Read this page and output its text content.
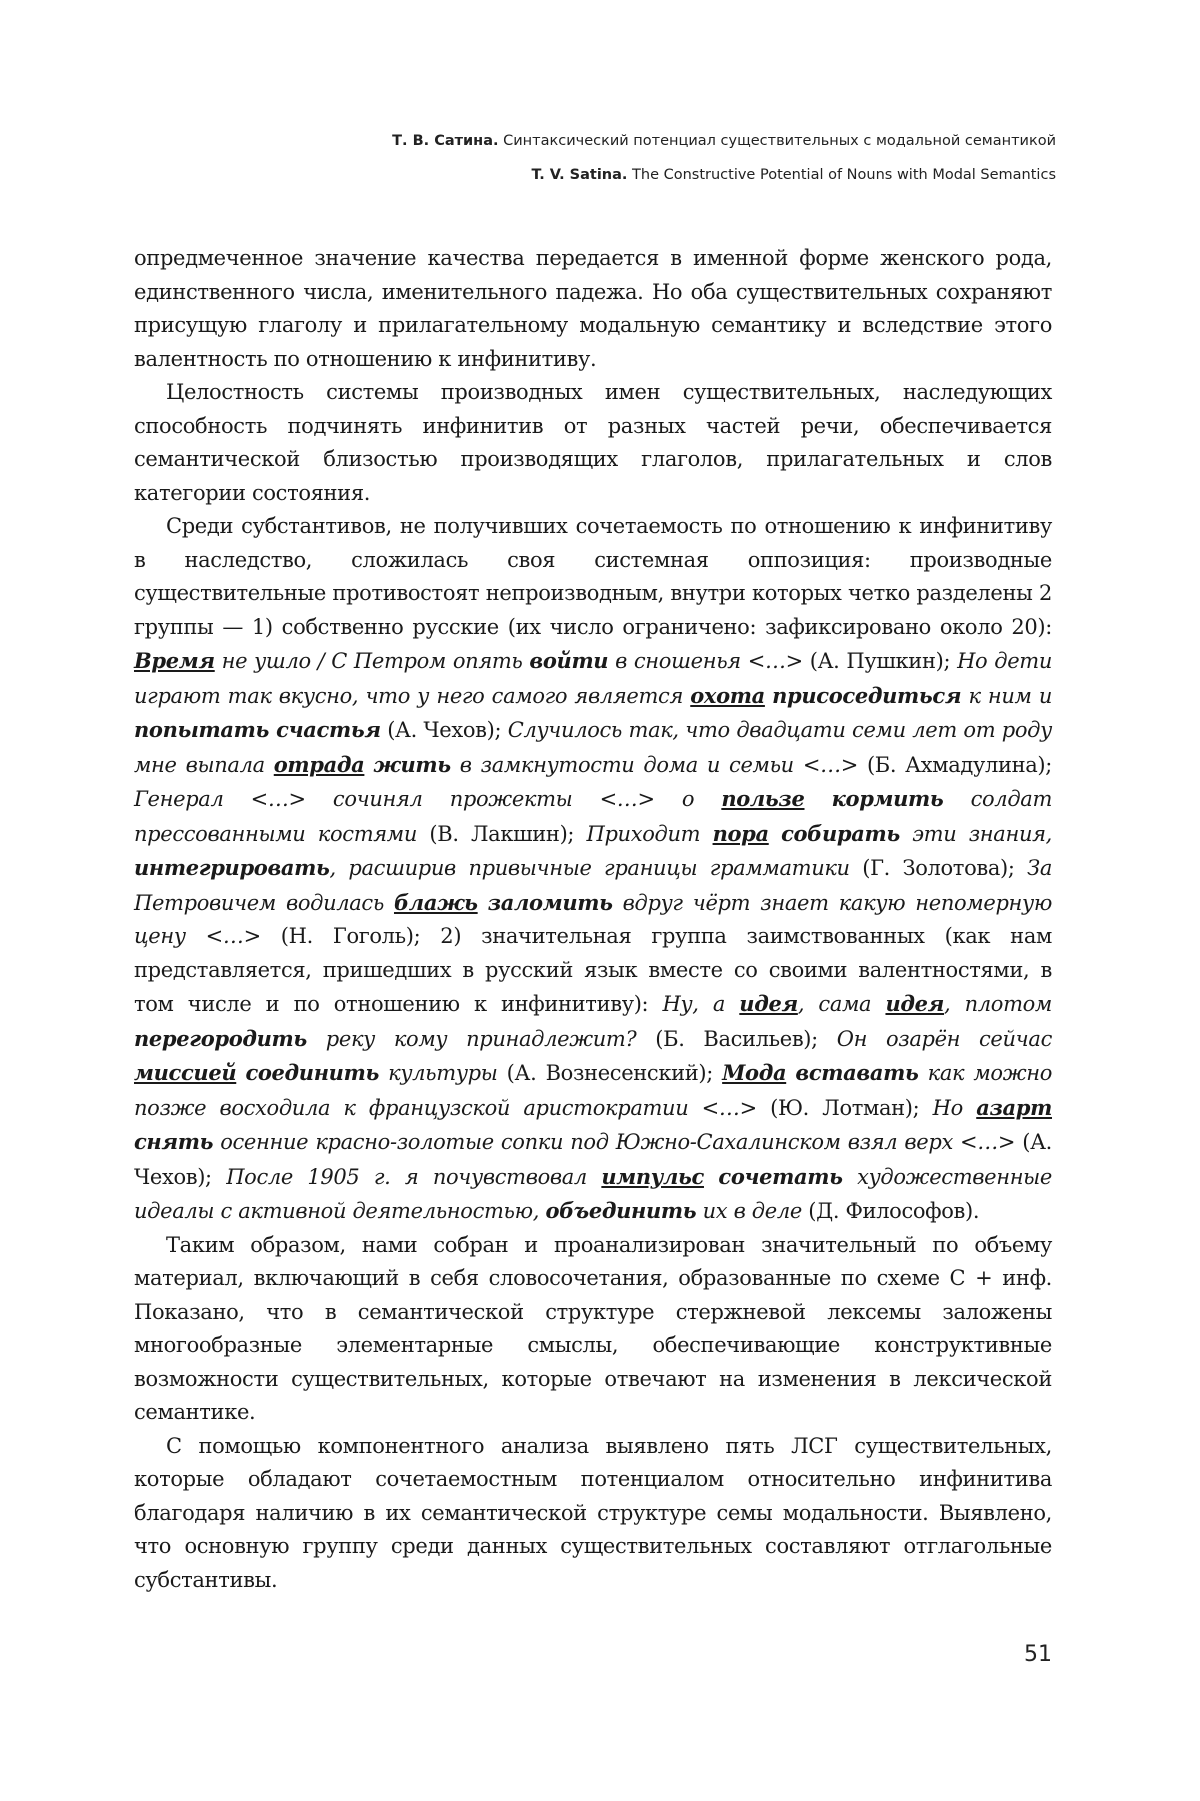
Т. В. Сатина. Синтаксический потенциал существительных с модальной семантикой
T. V. Satina. The Constructive Potential of Nouns with Modal Semantics

опредмеченное значение качества передается в именной форме женского рода, единственного числа, именительного падежа. Но оба существительных сохраняют присущую глаголу и прилагательному модальную семантику и вследствие этого валентность по отношению к инфинитиву.

Целостность системы производных имен существительных, наследующих способность подчинять инфинитив от разных частей речи, обеспечивается семантической близостью производящих глаголов, прилагательных и слов категории состояния.

Среди субстантивов, не получивших сочетаемость по отношению к инфинитиву в наследство, сложилась своя системная оппозиция: производные существительные противостоят непроизводным, внутри которых четко разделены 2 группы — 1) собственно русские (их число ограничено: зафиксировано около 20): Время не ушло / С Петром опять войти в сношенья <…> (А. Пушкин); Но дети играют так вкусно, что у него самого является охота присоседиться к ним и попытать счастья (А. Чехов); Случилось так, что двадцати семи лет от роду мне выпала отрада жить в замкнутости дома и семьи <…> (Б. Ахмадулина); Генерал <…> сочинял прожекты <…> о пользе кормить солдат прессованными костями (В. Лакшин); Приходит пора собирать эти знания, интегрировать, расширив привычные границы грамматики (Г. Золотова); За Петровичем водилась блажь заломить вдруг чёрт знает какую непомерную цену <…> (Н. Гоголь); 2) значительная группа заимствованных (как нам представляется, пришедших в русский язык вместе со своими валентностями, в том числе и по отношению к инфинитиву): Ну, а идея, сама идея, плотом перегородить реку кому принадлежит? (Б. Васильев); Он озарён сейчас миссией соединить культуры (А. Вознесенский); Мода вставать как можно позже восходила к французской аристократии <…> (Ю. Лотман); Но азарт снять осенние красно-золотые сопки под Южно-Сахалинском взял верх <…> (А. Чехов); После 1905 г. я почувствовал импульс сочетать художественные идеалы с активной деятельностью, объединить их в деле (Д. Философов).

Таким образом, нами собран и проанализирован значительный по объему материал, включающий в себя словосочетания, образованные по схеме С + инф. Показано, что в семантической структуре стержневой лексемы заложены многообразные элементарные смыслы, обеспечивающие конструктивные возможности существительных, которые отвечают на изменения в лексической семантике.

С помощью компонентного анализа выявлено пять ЛСГ существительных, которые обладают сочетаемостным потенциалом относительно инфинитива благодаря наличию в их семантической структуре семы модальности. Выявлено, что основную группу среди данных существительных составляют отглагольные субстантивы.

51
